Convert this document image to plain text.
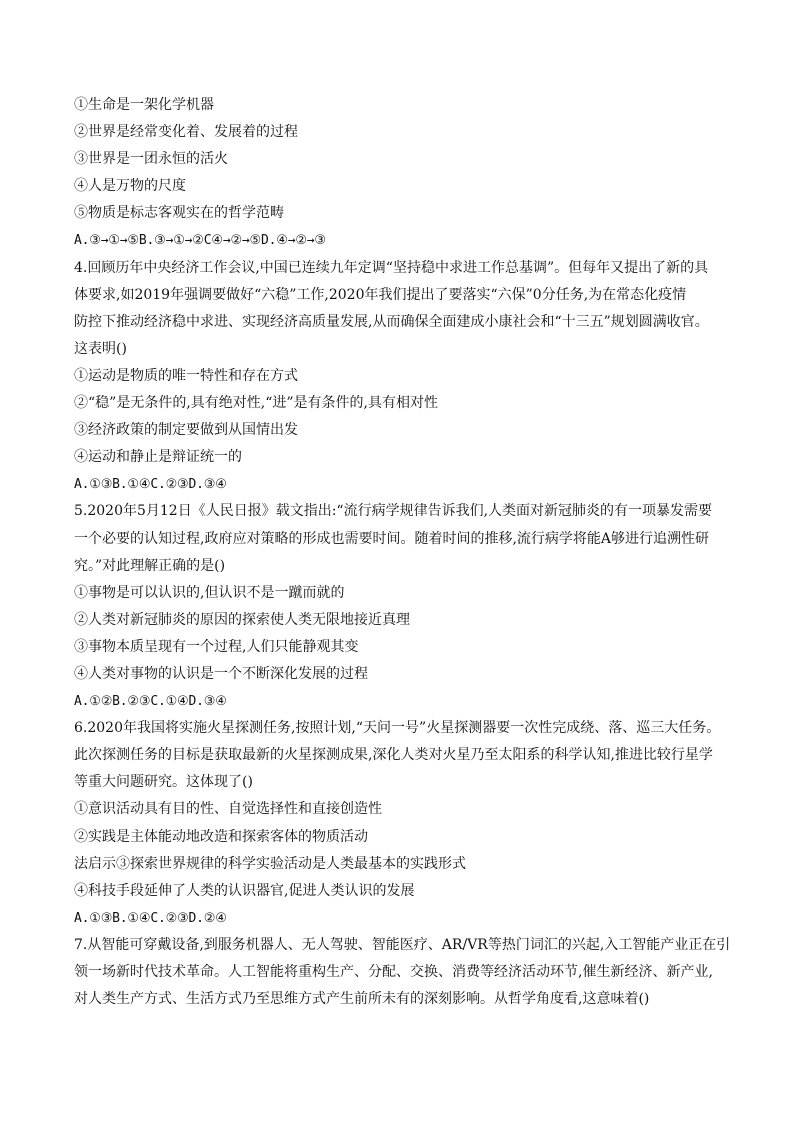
①生命是一架化学机器
②世界是经常变化着、发展着的过程
③世界是一团永恒的活火
④人是万物的尺度
⑤物质是标志客观实在的哲学范畴
A.③→①→⑤B.③→①→②C④→②→⑤D.④→②→③
4.回顾历年中央经济工作会议,中国已连续九年定调“坚持稳中求进工作总基调”。但每年又提出了新的具
体要求,如2019年强调要做好“六稳”工作,2020年我们提出了要落实“六保”0分任务,为在常态化疫情
防控下推动经济稳中求进、实现经济高质量发展,从而确保全面建成小康社会和“十三五”规划圆满收官。
这表明()
①运动是物质的唯一特性和存在方式
②“稳”是无条件的,具有绝对性,“进”是有条件的,具有相对性
③经济政策的制定要做到从国情出发
④运动和静止是辩证统一的
A.①③B.①④C.②③D.③④
5.2020年5月12日《人民日报》载文指出:“流行病学规律告诉我们,人类面对新冠肺炎的有一项暴发需要
一个必要的认知过程,政府应对策略的形成也需要时间。随着时间的推移,流行病学将能A够进行追溯性研
究。”对此理解正确的是()
①事物是可以认识的,但认识不是一蹴而就的
②人类对新冠肺炎的原因的探索使人类无限地接近真理
③事物本质呈现有一个过程,人们只能静观其变
④人类对事物的认识是一个不断深化发展的过程
A.①②B.②③C.①④D.③④
6.2020年我国将实施火星探测任务,按照计划,“天问一号”火星探测器要一次性完成绕、落、巡三大任务。
此次探测任务的目标是获取最新的火星探测成果,深化人类对火星乃至太阳系的科学认知,推进比较行星学
等重大问题研究。这体现了()
①意识活动具有目的性、自觉选择性和直接创造性
②实践是主体能动地改造和探索客体的物质活动
法启示③探索世界规律的科学实验活动是人类最基本的实践形式
④科技手段延伸了人类的认识器官,促进人类认识的发展
A.①③B.①④C.②③D.②④
7.从智能可穿戴设备,到服务机器人、无人驾驶、智能医疗、AR/VR等热门词汇的兴起,入工智能产业正在引
领一场新时代技术革命。人工智能将重构生产、分配、交换、消费等经济活动环节,催生新经济、新产业,
对人类生产方式、生活方式乃至思维方式产生前所未有的深刻影响。从哲学角度看,这意味着()
